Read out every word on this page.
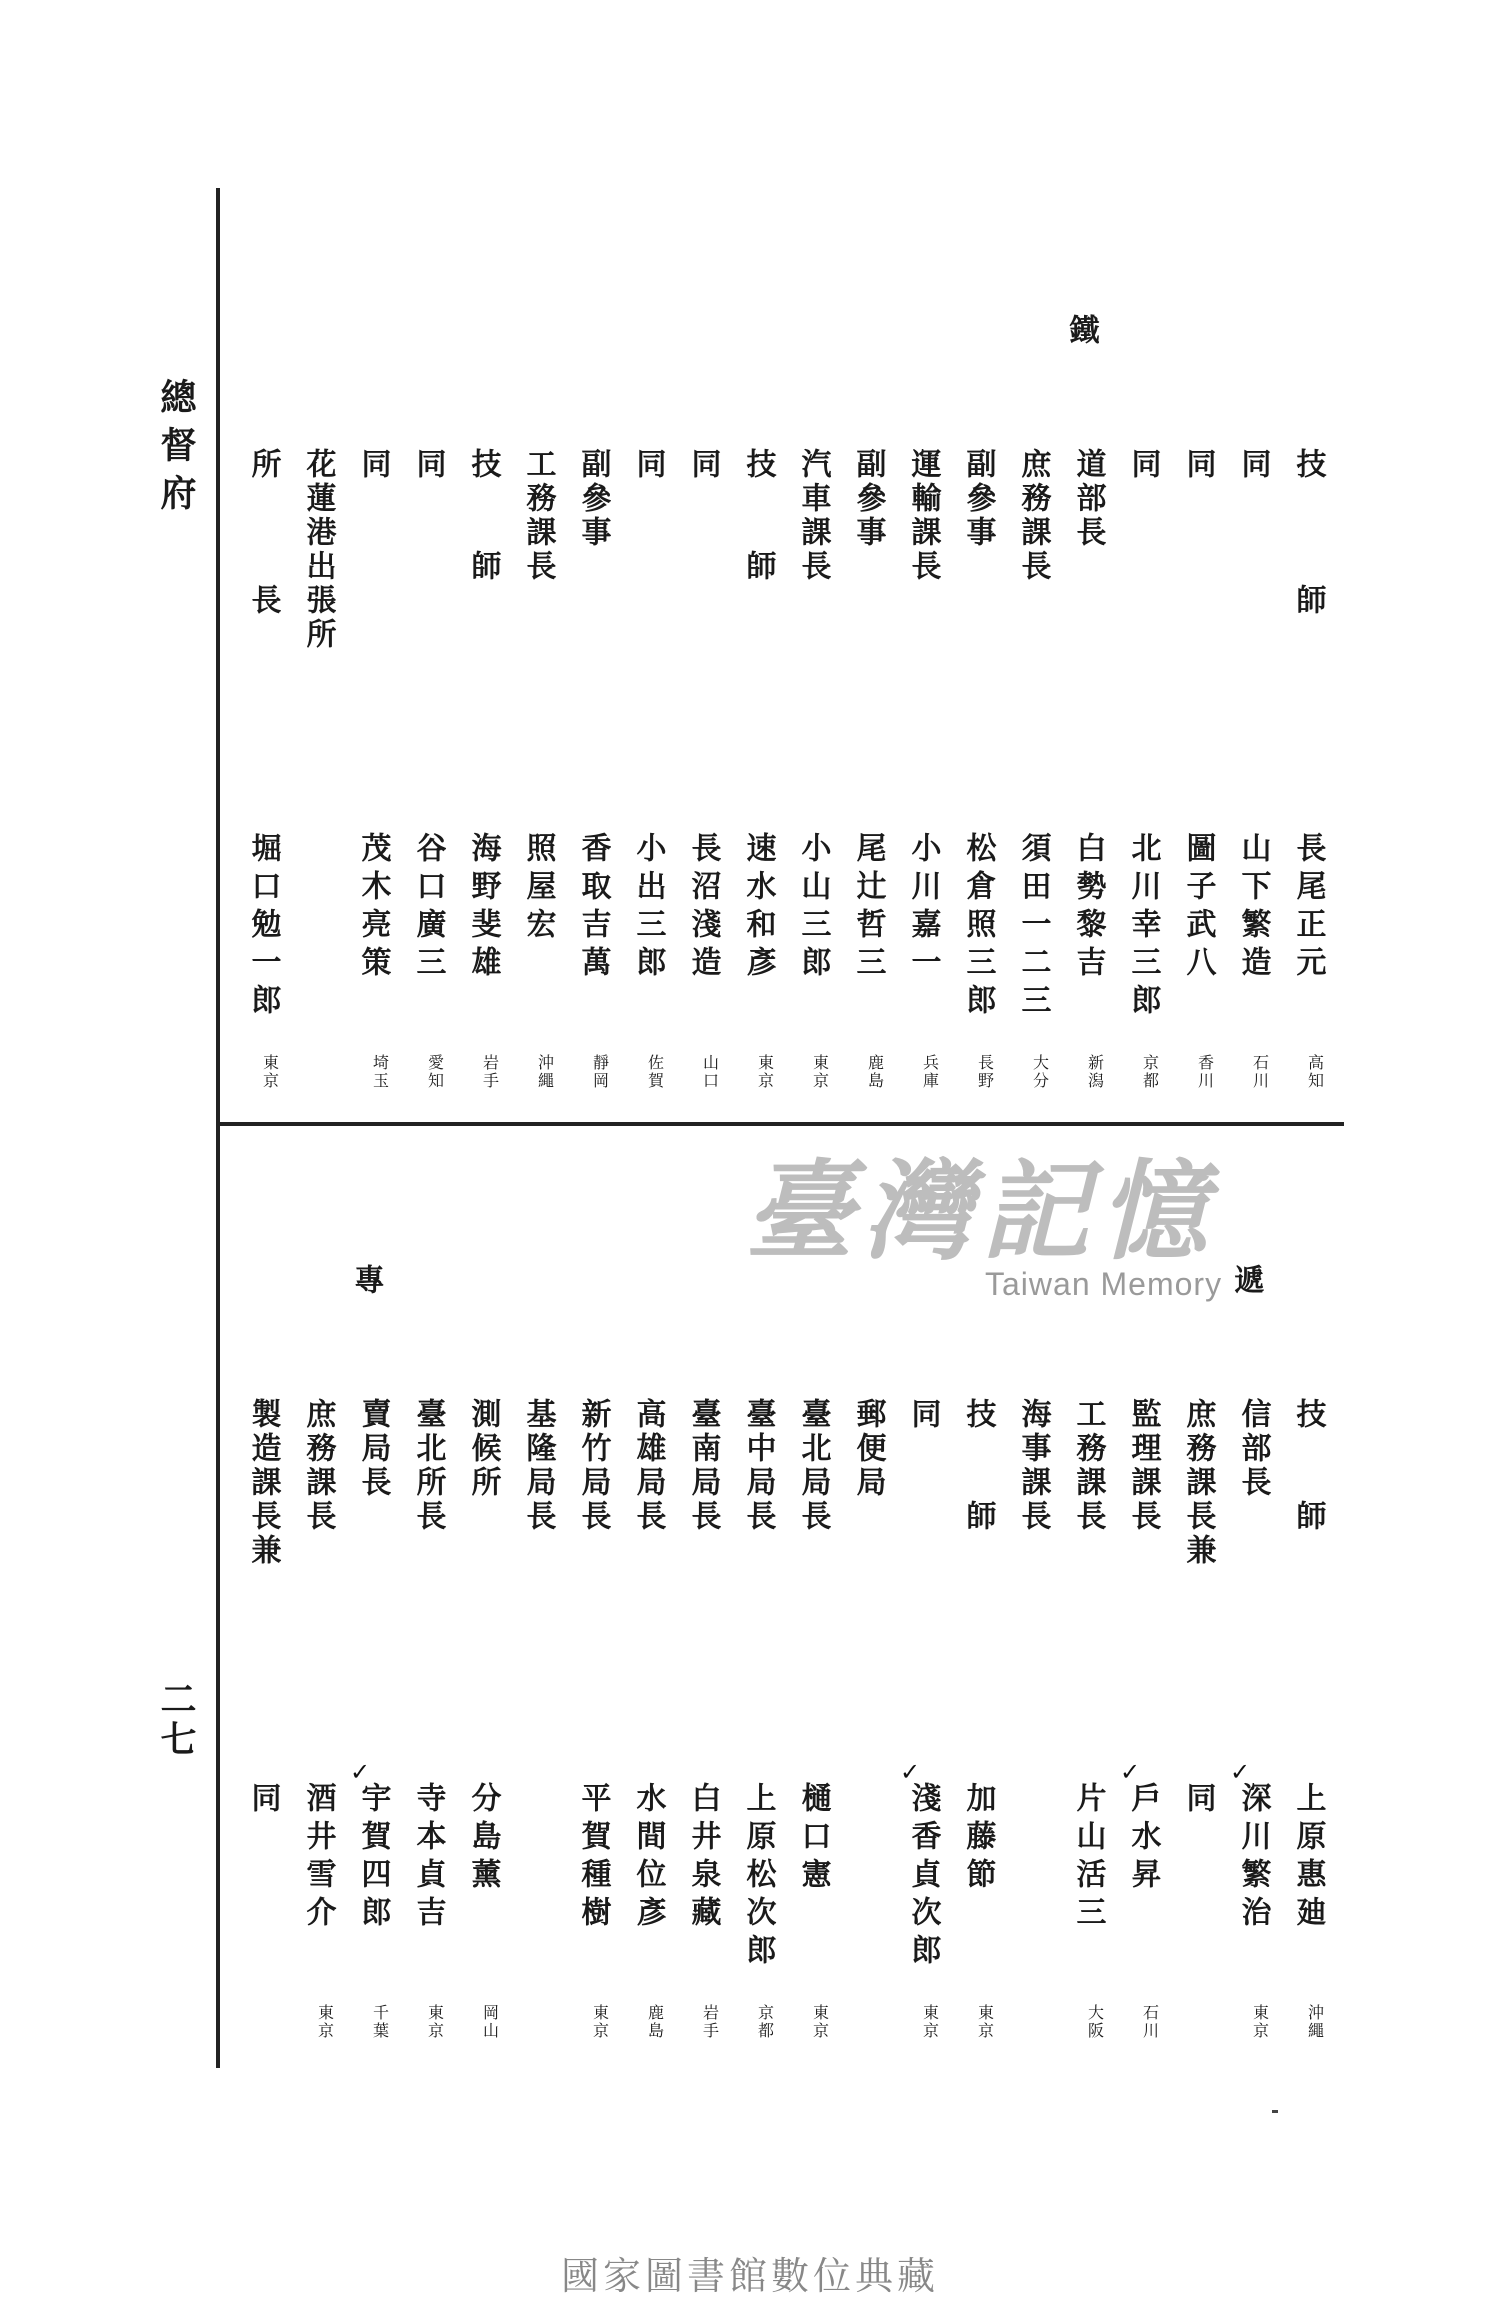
總督府
二七
技　　　師
長尾正元
高知
同
山下繁造
石川
同
圖子武八
香川
同
北川幸三郎
京都
鐵
道部長
白勢黎吉
新潟
庶務課長
須田一二三
大分
副參事
松倉照三郎
長野
運輸課長
小川嘉一
兵庫
副參事
尾辻哲三
鹿島
汽車課長
小山三郎
東京
技　　師
速水和彥
東京
同
長沼淺造
山口
同
小出三郎
佐賀
副參事
香取吉萬
靜岡
工務課長
照屋宏
沖繩
技　　師
海野斐雄
岩手
同
谷口廣三
愛知
同
茂木亮策
埼玉
花蓮港出張所
所　　　長
堀口勉一郎
東京
技　　師
上原惠廸
沖繩
遞
信部長
深川繁治
東京
✓
庶務課長兼
同
監理課長
戶水昇
石川
✓
工務課長
片山活三
大阪
海事課長
技　　師
加藤節
東京
同
淺香貞次郎
東京
✓
郵便局
臺北局長
樋口憲
東京
臺中局長
上原松次郎
京都
臺南局長
白井泉藏
岩手
高雄局長
水間位彥
鹿島
新竹局長
平賀種樹
東京
基隆局長
測候所
分島薰
岡山
臺北所長
寺本貞吉
東京
專
賣局長
宇賀四郎
千葉
✓
庶務課長
酒井雪介
東京
製造課長兼
同
臺灣記憶
Taiwan Memory
國家圖書館數位典藏
